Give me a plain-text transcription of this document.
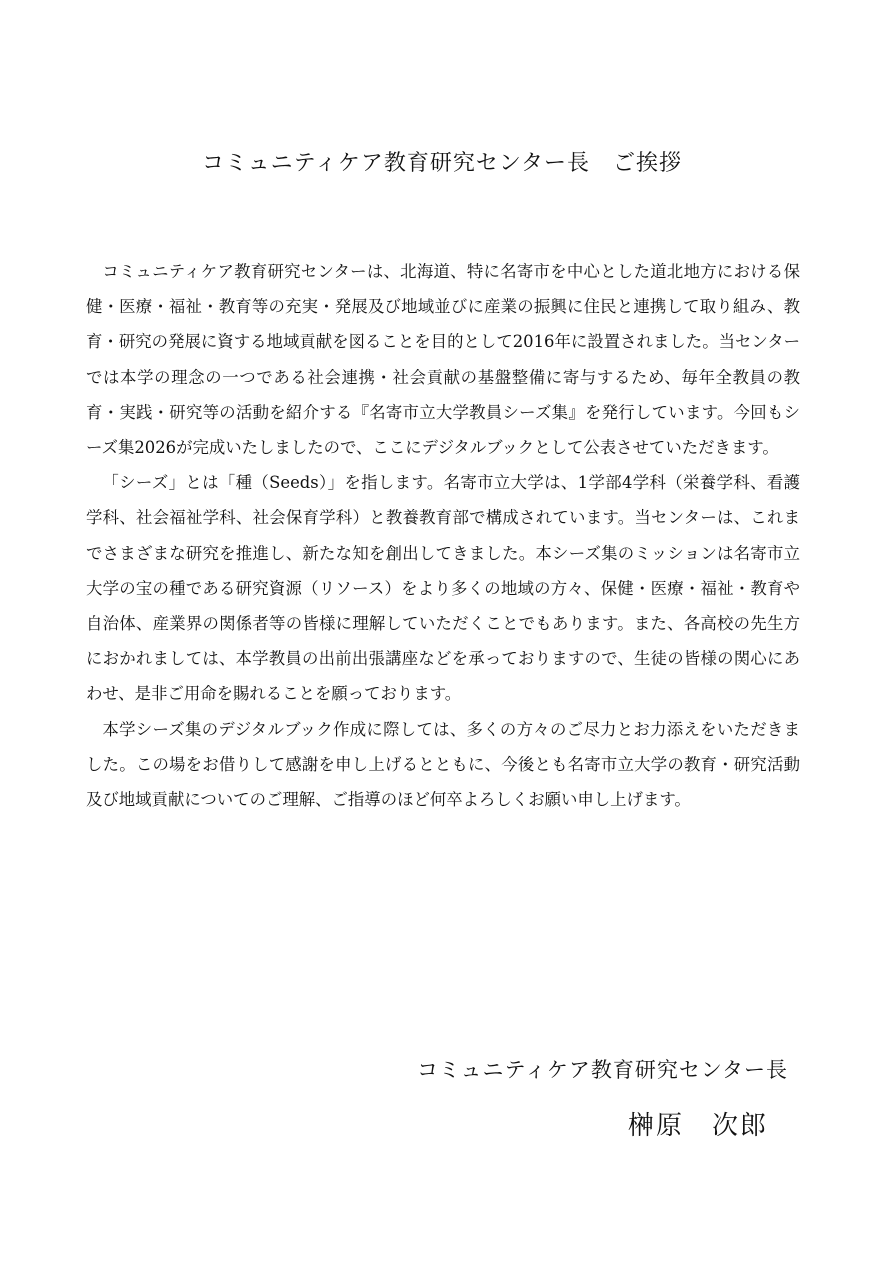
コミュニティケア教育研究センター長　ご挨拶

コミュニティケア教育研究センターは、北海道、特に名寄市を中心とした道北地方における保健・医療・福祉・教育等の充実・発展及び地域並びに産業の振興に住民と連携して取り組み、教育・研究の発展に資する地域貢献を図ることを目的として2016年に設置されました。当センターでは本学の理念の一つである社会連携・社会貢献の基盤整備に寄与するため、毎年全教員の教育・実践・研究等の活動を紹介する『名寄市立大学教員シーズ集』を発行しています。今回もシーズ集2026が完成いたしましたので、ここにデジタルブックとして公表させていただきます。

「シーズ」とは「種（Seeds）」を指します。名寄市立大学は、1学部4学科（栄養学科、看護学科、社会福祉学科、社会保育学科）と教養教育部で構成されています。当センターは、これまでさまざまな研究を推進し、新たな知を創出してきました。本シーズ集のミッションは名寄市立大学の宝の種である研究資源（リソース）をより多くの地域の方々、保健・医療・福祉・教育や自治体、産業界の関係者等の皆様に理解していただくことでもあります。また、各高校の先生方におかれましては、本学教員の出前出張講座などを承っておりますので、生徒の皆様の関心にあわせ、是非ご用命を賜れることを願っております。

本学シーズ集のデジタルブック作成に際しては、多くの方々のご尽力とお力添えをいただきました。この場をお借りして感謝を申し上げるとともに、今後とも名寄市立大学の教育・研究活動及び地域貢献についてのご理解、ご指導のほど何卒よろしくお願い申し上げます。

コミュニティケア教育研究センター長
榊原　次郎
